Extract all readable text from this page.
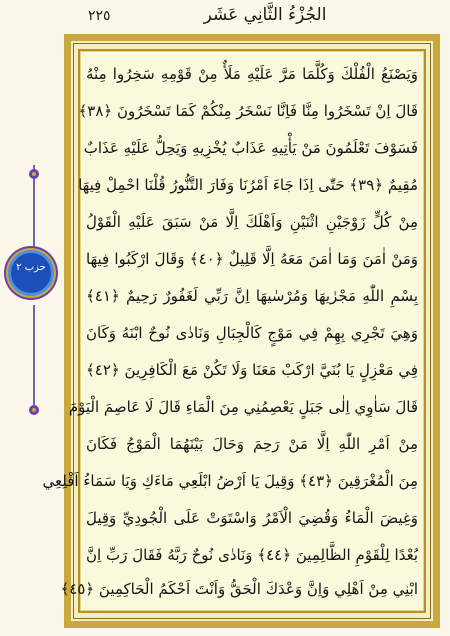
الجُزْءُ الثَّانِي عَشَر
٢٢٥
حزب ٢
وَيَصْنَعُ الْفُلْكَ وَكُلَّمَا مَرَّ عَلَيْهِ مَلَأٌ مِنْ قَوْمِهِ سَخِرُوا مِنْهُ
قَالَ اِنْ تَسْخَرُوا مِنَّا فَاِنَّا نَسْخَرُ مِنْكُمْ كَمَا تَسْخَرُونَ ﴿٣٨﴾
فَسَوْفَ تَعْلَمُونَ مَنْ يَأْتِيهِ عَذَابٌ يُخْزِيهِ وَيَحِلُّ عَلَيْهِ عَذَابٌ
مُقِيمٌ ﴿٣٩﴾ حَتّٰى اِذَا جَاءَ اَمْرُنَا وَفَارَ التَّنُّورُ قُلْنَا احْمِلْ فِيهَا
مِنْ كُلٍّ زَوْجَيْنِ اثْنَيْنِ وَاَهْلَكَ اِلَّا مَنْ سَبَقَ عَلَيْهِ الْقَوْلُ
وَمَنْ اٰمَنَ وَمَا اٰمَنَ مَعَهُ اِلَّا قَلِيلٌ ﴿٤٠﴾ وَقَالَ ارْكَبُوا فِيهَا
بِسْمِ اللّٰهِ مَجْرٰيهَا وَمُرْسٰيهَا اِنَّ رَبِّي لَغَفُورٌ رَحِيمٌ ﴿٤١﴾
وَهِيَ تَجْرِي بِهِمْ فِي مَوْجٍ كَالْجِبَالِ وَنَادٰى نُوحٌ ابْنَهُ وَكَانَ
فِي مَعْزِلٍ يَا بُنَيَّ ارْكَبْ مَعَنَا وَلَا تَكُنْ مَعَ الْكَافِرِينَ ﴿٤٢﴾
قَالَ سَاٰوِي اِلٰى جَبَلٍ يَعْصِمُنِي مِنَ الْمَاءِ قَالَ لَا عَاصِمَ الْيَوْمَ
مِنْ اَمْرِ اللّٰهِ اِلَّا مَنْ رَحِمَ وَحَالَ بَيْنَهُمَا الْمَوْجُ فَكَانَ
مِنَ الْمُغْرَقِينَ ﴿٤٣﴾ وَقِيلَ يَا اَرْضُ ابْلَعِي مَاءَكِ وَيَا سَمَاءُ اَقْلِعِي
وَغِيضَ الْمَاءُ وَقُضِيَ الْاَمْرُ وَاسْتَوَتْ عَلَى الْجُودِيِّ وَقِيلَ
بُعْدًا لِلْقَوْمِ الظَّالِمِينَ ﴿٤٤﴾ وَنَادٰى نُوحٌ رَبَّهُ فَقَالَ رَبِّ اِنَّ
ابْنِي مِنْ اَهْلِي وَاِنَّ وَعْدَكَ الْحَقُّ وَاَنْتَ اَحْكَمُ الْحَاكِمِينَ ﴿٤٥﴾
